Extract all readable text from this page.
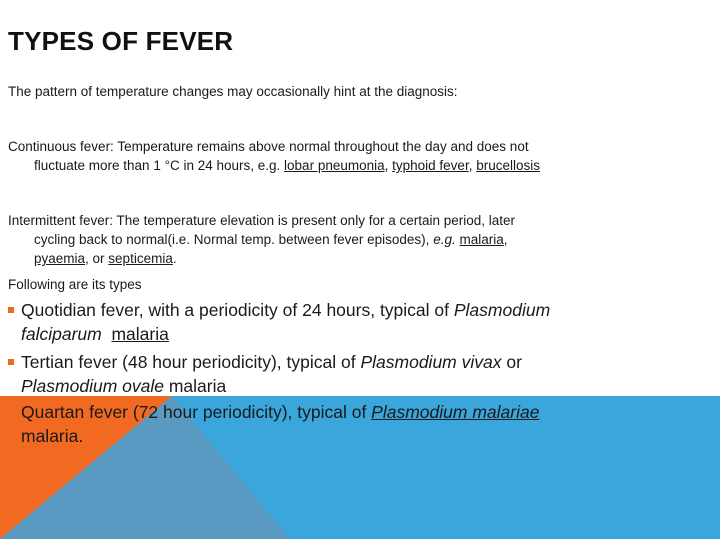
TYPES OF FEVER

The pattern of temperature changes may occasionally hint at the diagnosis:

Continuous fever: Temperature remains above normal throughout the day and does not
fluctuate more than 1 °C in 24 hours, e.g. lobar pneumonia, typhoid fever, brucellosis

Intermittent fever: The temperature elevation is present only for a certain period, later
cycling back to normal(i.e. Normal temp. between fever episodes), e.g. malaria,
pyaemia, or septicemia.

Following are its types

Quotidian fever, with a periodicity of 24 hours, typical of Plasmodium
falciparum malaria
Tertian fever (48 hour periodicity), typical of Plasmodium vivax or
Plasmodium ovale malaria
Quartan fever (72 hour periodicity), typical of Plasmodium malariae
malaria.
